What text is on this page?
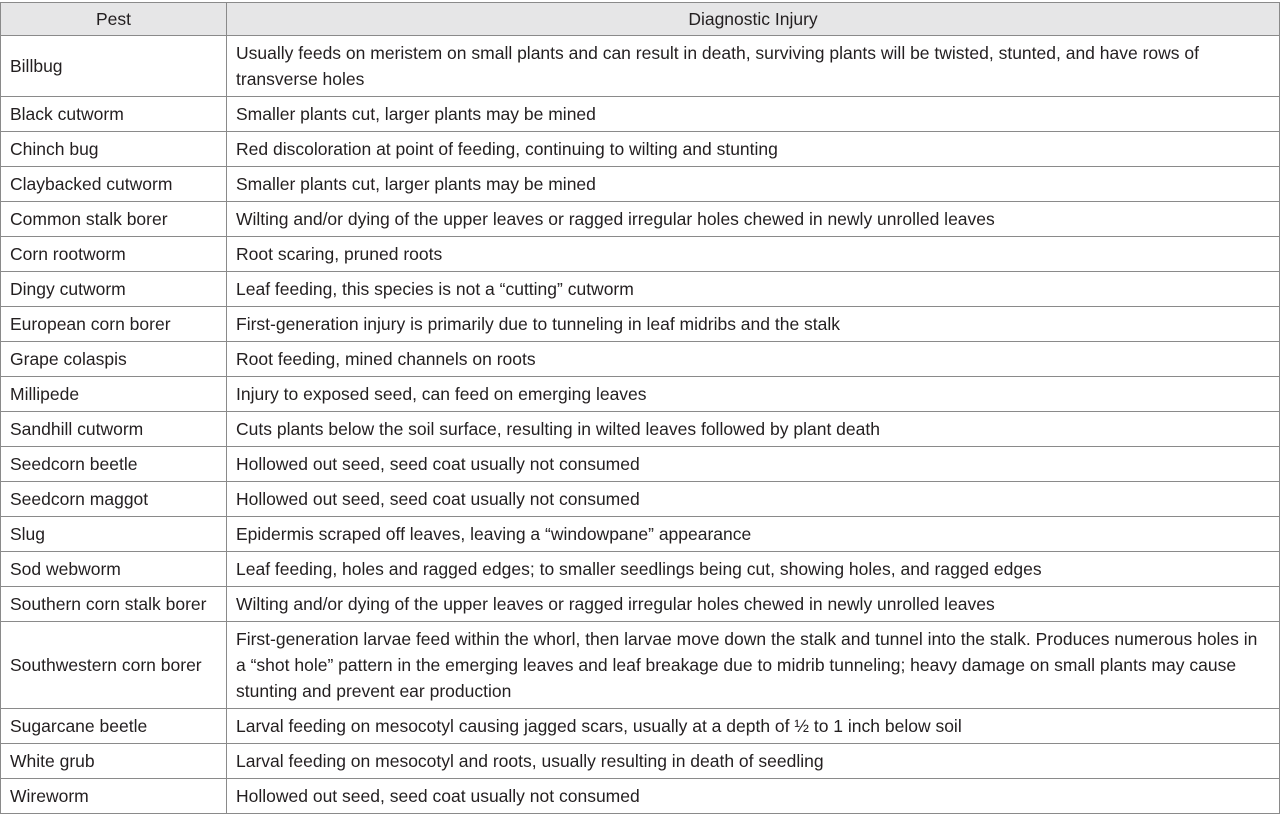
Pest	Diagnostic Injury
Billbug	Usually feeds on meristem on small plants and can result in death, surviving plants will be twisted, stunted, and have rows of transverse holes
Black cutworm	Smaller plants cut, larger plants may be mined
Chinch bug	Red discoloration at point of feeding, continuing to wilting and stunting
Claybacked cutworm	Smaller plants cut, larger plants may be mined
Common stalk borer	Wilting and/or dying of the upper leaves or ragged irregular holes chewed in newly unrolled leaves
Corn rootworm	Root scaring, pruned roots
Dingy cutworm	Leaf feeding, this species is not a “cutting” cutworm
European corn borer	First-generation injury is primarily due to tunneling in leaf midribs and the stalk
Grape colaspis	Root feeding, mined channels on roots
Millipede	Injury to exposed seed, can feed on emerging leaves
Sandhill cutworm	Cuts plants below the soil surface, resulting in wilted leaves followed by plant death
Seedcorn beetle	Hollowed out seed, seed coat usually not consumed
Seedcorn maggot	Hollowed out seed, seed coat usually not consumed
Slug	Epidermis scraped off leaves, leaving a “windowpane” appearance
Sod webworm	Leaf feeding, holes and ragged edges; to smaller seedlings being cut, showing holes, and ragged edges
Southern corn stalk borer	Wilting and/or dying of the upper leaves or ragged irregular holes chewed in newly unrolled leaves
Southwestern corn borer	First-generation larvae feed within the whorl, then larvae move down the stalk and tunnel into the stalk. Produces numerous holes in a “shot hole” pattern in the emerging leaves and leaf breakage due to midrib tunneling; heavy damage on small plants may cause stunting and prevent ear production
Sugarcane beetle	Larval feeding on mesocotyl causing jagged scars, usually at a depth of ½ to 1 inch below soil
White grub	Larval feeding on mesocotyl and roots, usually resulting in death of seedling
Wireworm	Hollowed out seed, seed coat usually not consumed
